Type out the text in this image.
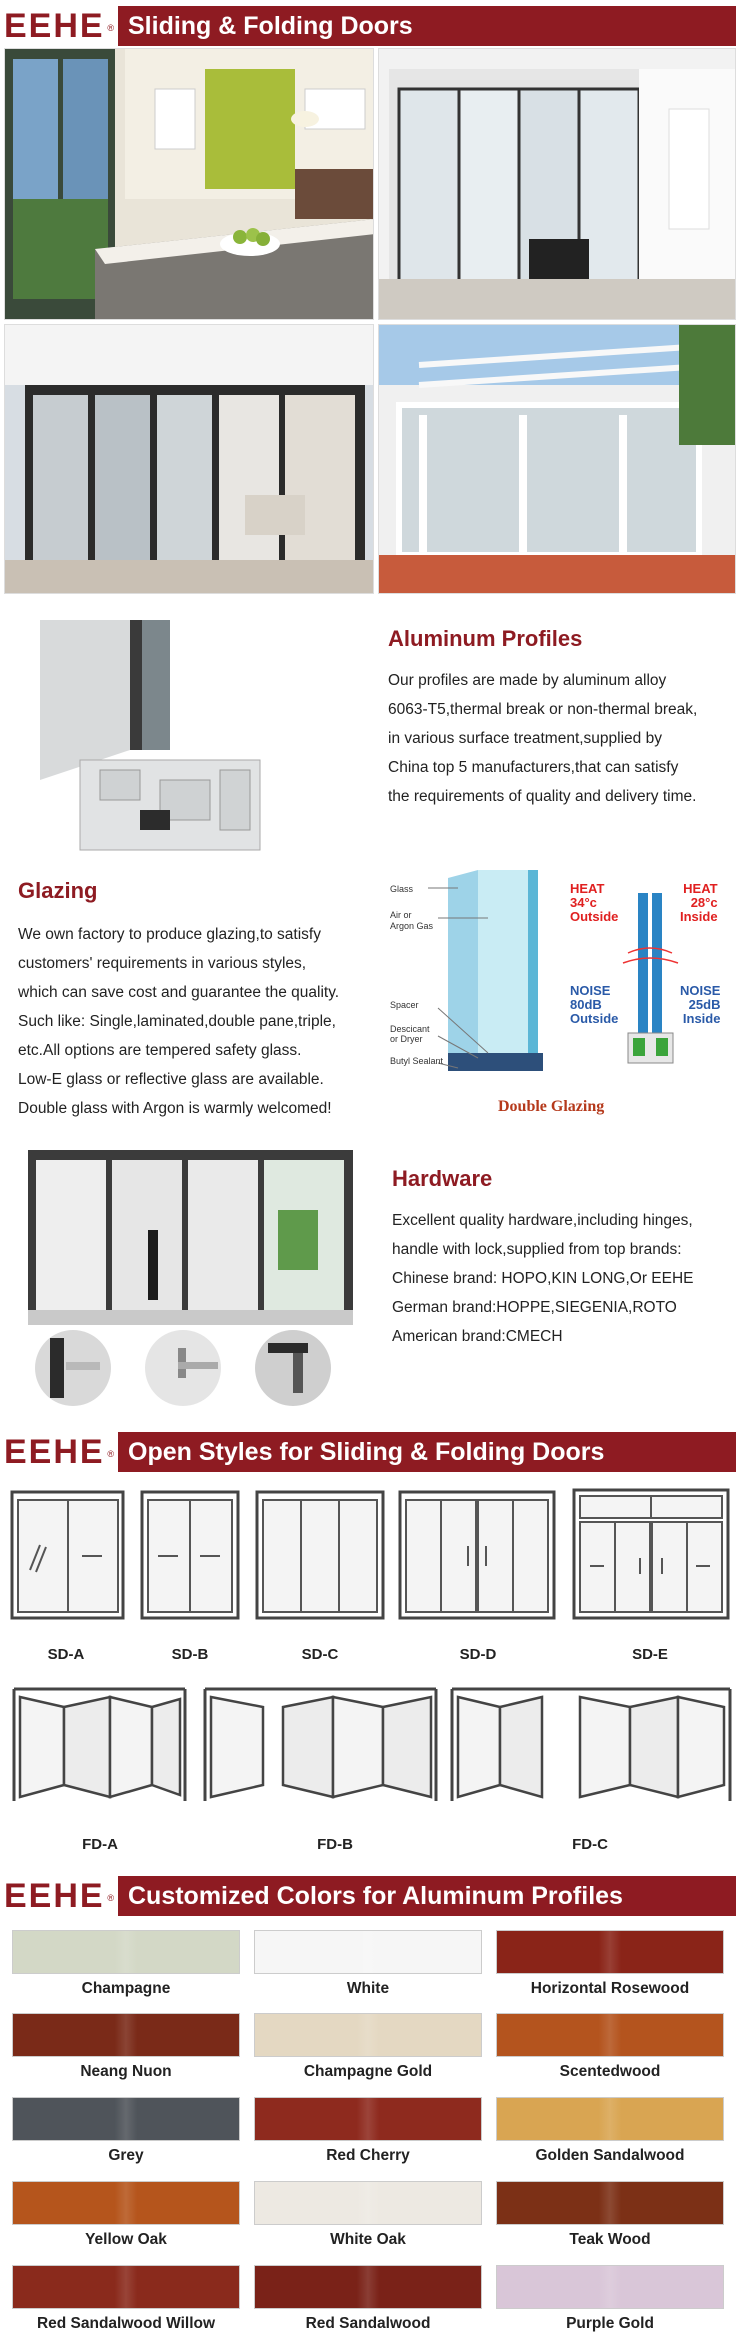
EEHE ® Sliding & Folding Doors
Aluminum Profiles
Our profiles are made by aluminum alloy
6063-T5,thermal break or non-thermal break,
in various surface treatment,supplied by
China top 5 manufacturers,that can satisfy
the requirements of quality and delivery time.
Glazing
We own factory to produce glazing,to satisfy
customers' requirements in various styles,
which can save cost and guarantee the quality.
Such like: Single,laminated,double pane,triple,
etc.All options are tempered safety glass.
Low-E glass or reflective glass are available.
Double glass with Argon is warmly welcomed!
Glass
Air or
Argon Gas
Spacer
Descicant
or Dryer
Butyl Sealant
HEAT
34°c
Outside
HEAT
28°c
Inside
NOISE
80dB
Outside
NOISE
25dB
Inside
Double Glazing
Hardware
Excellent quality hardware,including hinges,
handle with lock,supplied from top brands:
Chinese brand: HOPO,KIN LONG,Or EEHE
German brand:HOPPE,SIEGENIA,ROTO
American brand:CMECH
EEHE ® Open Styles for Sliding & Folding Doors
SD-A	SD-B	SD-C	SD-D	SD-E
FD-A	FD-B	FD-C
EEHE ® Customized Colors for Aluminum Profiles
Champagne	White	Horizontal Rosewood
Neang Nuon	Champagne Gold	Scentedwood
Grey	Red Cherry	Golden Sandalwood
Yellow Oak	White Oak	Teak Wood
Red Sandalwood Willow	Red Sandalwood	Purple Gold
